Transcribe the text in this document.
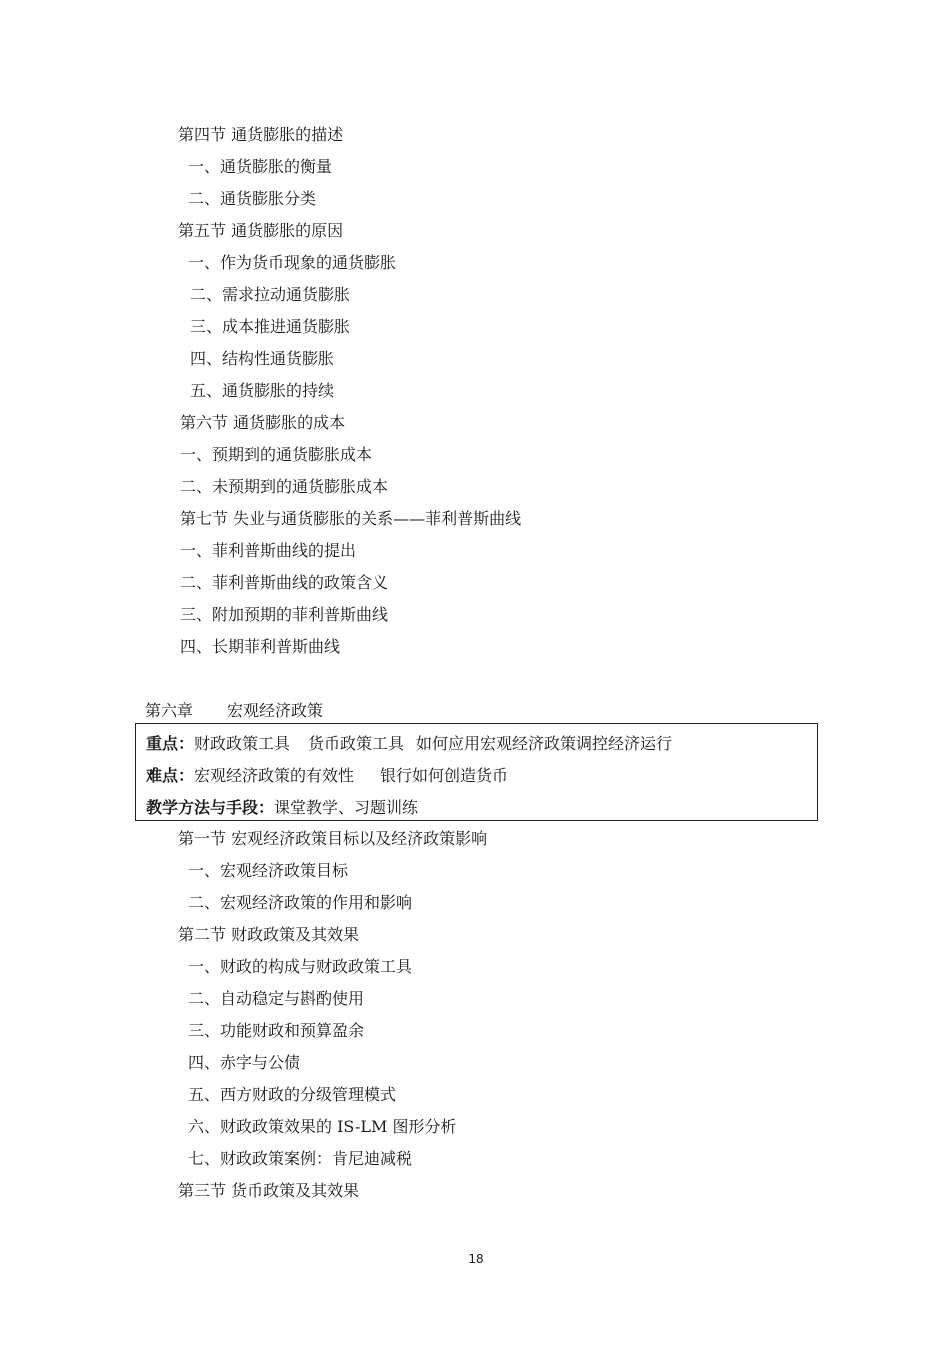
第四节 通货膨胀的描述

一、通货膨胀的衡量

二、通货膨胀分类

第五节 通货膨胀的原因

一、作为货币现象的通货膨胀

二、需求拉动通货膨胀

三、成本推进通货膨胀

四、结构性通货膨胀

五、通货膨胀的持续

第六节 通货膨胀的成本

一、预期到的通货膨胀成本

二、未预期到的通货膨胀成本

第七节 失业与通货膨胀的关系——菲利普斯曲线

一、菲利普斯曲线的提出

二、菲利普斯曲线的政策含义

三、附加预期的菲利普斯曲线

四、长期菲利普斯曲线

第六章 宏观经济政策

重点：财政政策工具 货币政策工具 如何应用宏观经济政策调控经济运行

难点：宏观经济政策的有效性 银行如何创造货币

教学方法与手段：课堂教学、习题训练

第一节 宏观经济政策目标以及经济政策影响

一、宏观经济政策目标

二、宏观经济政策的作用和影响

第二节 财政政策及其效果

一、财政的构成与财政政策工具

二、自动稳定与斟酌使用

三、功能财政和预算盈余

四、赤字与公债

五、西方财政的分级管理模式

六、财政政策效果的 IS-LM 图形分析

七、财政政策案例：肯尼迪减税

第三节 货币政策及其效果

18
